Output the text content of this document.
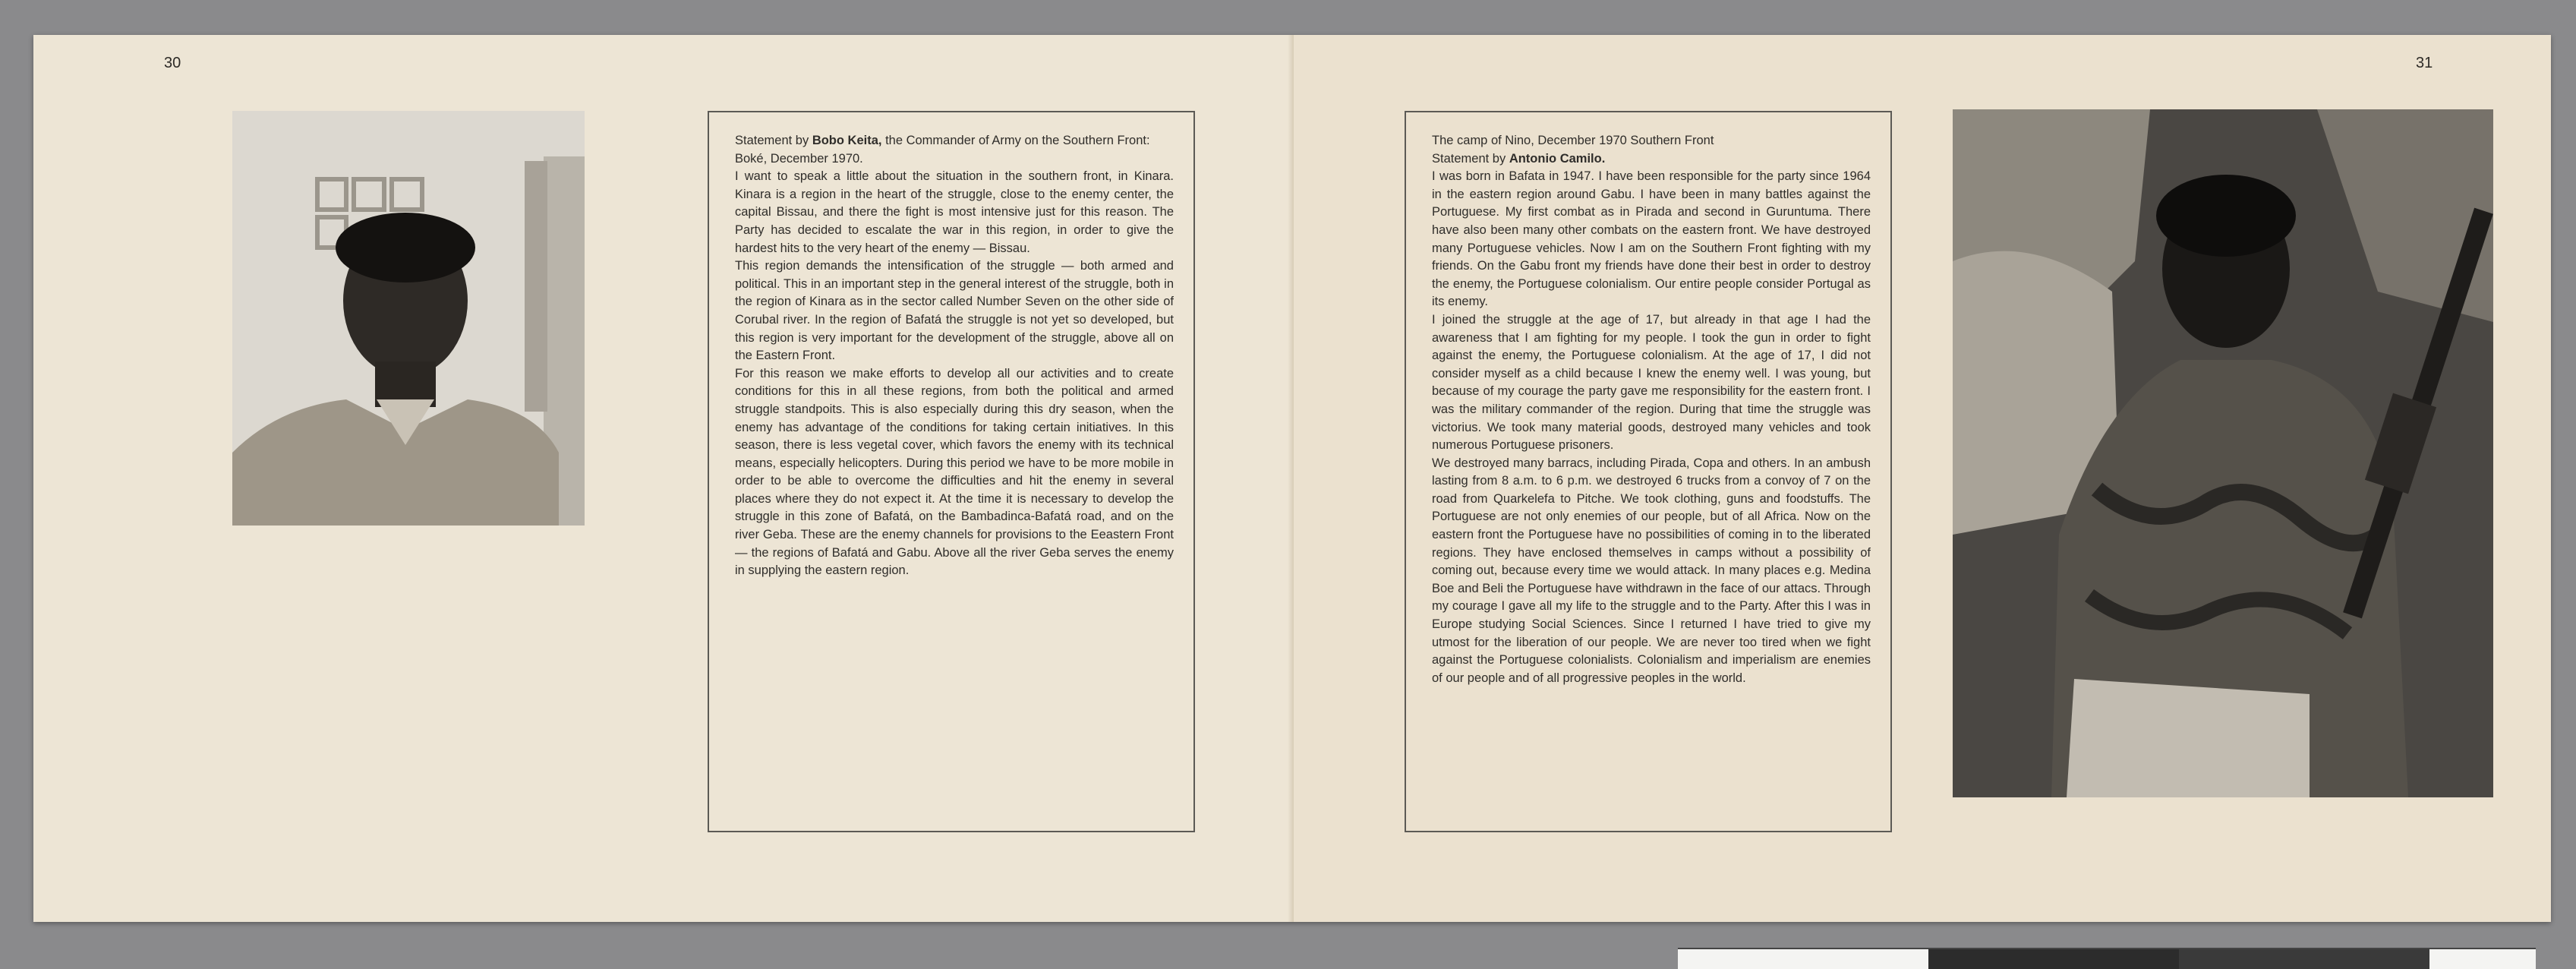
30

Statement by Bobo Keita, the Commander of Army on the Southern Front:

Boké, December 1970.

I want to speak a little about the situation in the southern front, in Kinara. Kinara is a region in the heart of the struggle, close to the enemy center, the capital Bissau, and there the fight is most intensive just for this reason. The Party has decided to escalate the war in this region, in order to give the hardest hits to the very heart of the enemy — Bissau.

This region demands the intensification of the struggle — both armed and political. This in an important step in the general interest of the struggle, both in the region of Kinara as in the sector called Number Seven on the other side of Corubal river. In the region of Bafatá the struggle is not yet so developed, but this region is very important for the development of the struggle, above all on the Eastern Front.

For this reason we make efforts to develop all our activities and to create conditions for this in all these regions, from both the political and armed struggle standpoits. This is also especially during this dry season, when the enemy has advantage of the conditions for taking certain initiatives. In this season, there is less vegetal cover, which favors the enemy with its technical means, especially helicopters. During this period we have to be more mobile in order to be able to overcome the difficulties and hit the enemy in several places where they do not expect it. At the time it is necessary to develop the struggle in this zone of Bafatá, on the Bambadinca-Bafatá road, and on the river Geba. These are the enemy channels for provisions to the Eeastern Front — the regions of Bafatá and Gabu. Above all the river Geba serves the enemy in supplying the eastern region.

31

The camp of Nino, December 1970 Southern Front

Statement by Antonio Camilo.

I was born in Bafata in 1947. I have been responsible for the party since 1964 in the eastern region around Gabu. I have been in many battles against the Portuguese. My first combat as in Pirada and second in Guruntuma. There have also been many other combats on the eastern front. We have destroyed many Portuguese vehicles. Now I am on the Southern Front fighting with my friends. On the Gabu front my friends have done their best in order to destroy the enemy, the Portuguese colonialism. Our entire people consider Portugal as its enemy.

I joined the struggle at the age of 17, but already in that age I had the awareness that I am fighting for my people. I took the gun in order to fight against the enemy, the Portuguese colonialism. At the age of 17, I did not consider myself as a child because I knew the enemy well. I was young, but because of my courage the party gave me responsibility for the eastern front. I was the military commander of the region. During that time the struggle was victorius. We took many material goods, destroyed many vehicles and took numerous Portuguese prisoners.

We destroyed many barracs, including Pirada, Copa and others. In an ambush lasting from 8 a.m. to 6 p.m. we destroyed 6 trucks from a convoy of 7 on the road from Quarkelefa to Pitche. We took clothing, guns and foodstuffs. The Portuguese are not only enemies of our people, but of all Africa. Now on the eastern front the Portuguese have no possibilities of coming in to the liberated regions. They have enclosed themselves in camps without a possibility of coming out, because every time we would attack. In many places e.g. Medina Boe and Beli the Portuguese have withdrawn in the face of our attacs. Through my courage I gave all my life to the struggle and to the Party. After this I was in Europe studying Social Sciences. Since I returned I have tried to give my utmost for the liberation of our people. We are never too tired when we fight against the Portuguese colonialists. Colonialism and imperialism are enemies of our people and of all progressive peoples in the world.
